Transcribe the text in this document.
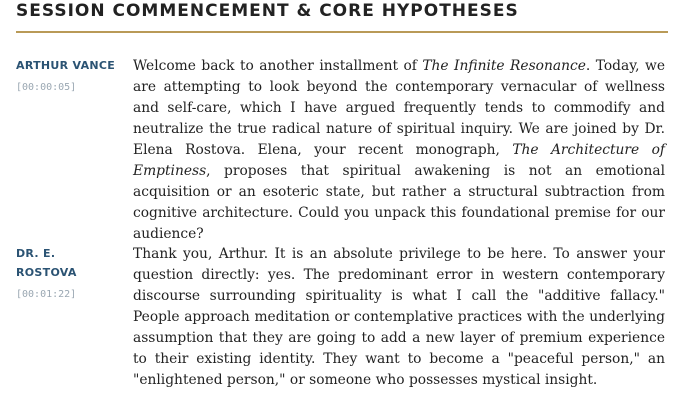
SESSION COMMENCEMENT & CORE HYPOTHESES
ARTHUR VANCE
[00:00:05]

Welcome back to another installment of The Infinite Resonance. Today, we are attempting to look beyond the contemporary vernacular of wellness and self-care, which I have argued frequently tends to commodify and neutralize the true radical nature of spiritual inquiry. We are joined by Dr. Elena Rostova. Elena, your recent monograph, The Architecture of Emptiness, proposes that spiritual awakening is not an emotional acquisition or an esoteric state, but rather a structural subtraction from cognitive architecture. Could you unpack this foundational premise for our audience?

DR. E.
ROSTOVA
[00:01:22]

Thank you, Arthur. It is an absolute privilege to be here. To answer your question directly: yes. The predominant error in western contemporary discourse surrounding spirituality is what I call the "additive fallacy." People approach meditation or contemplative practices with the underlying assumption that they are going to add a new layer of premium experience to their existing identity. They want to become a "peaceful person," an "enlightened person," or someone who possesses mystical insight.
